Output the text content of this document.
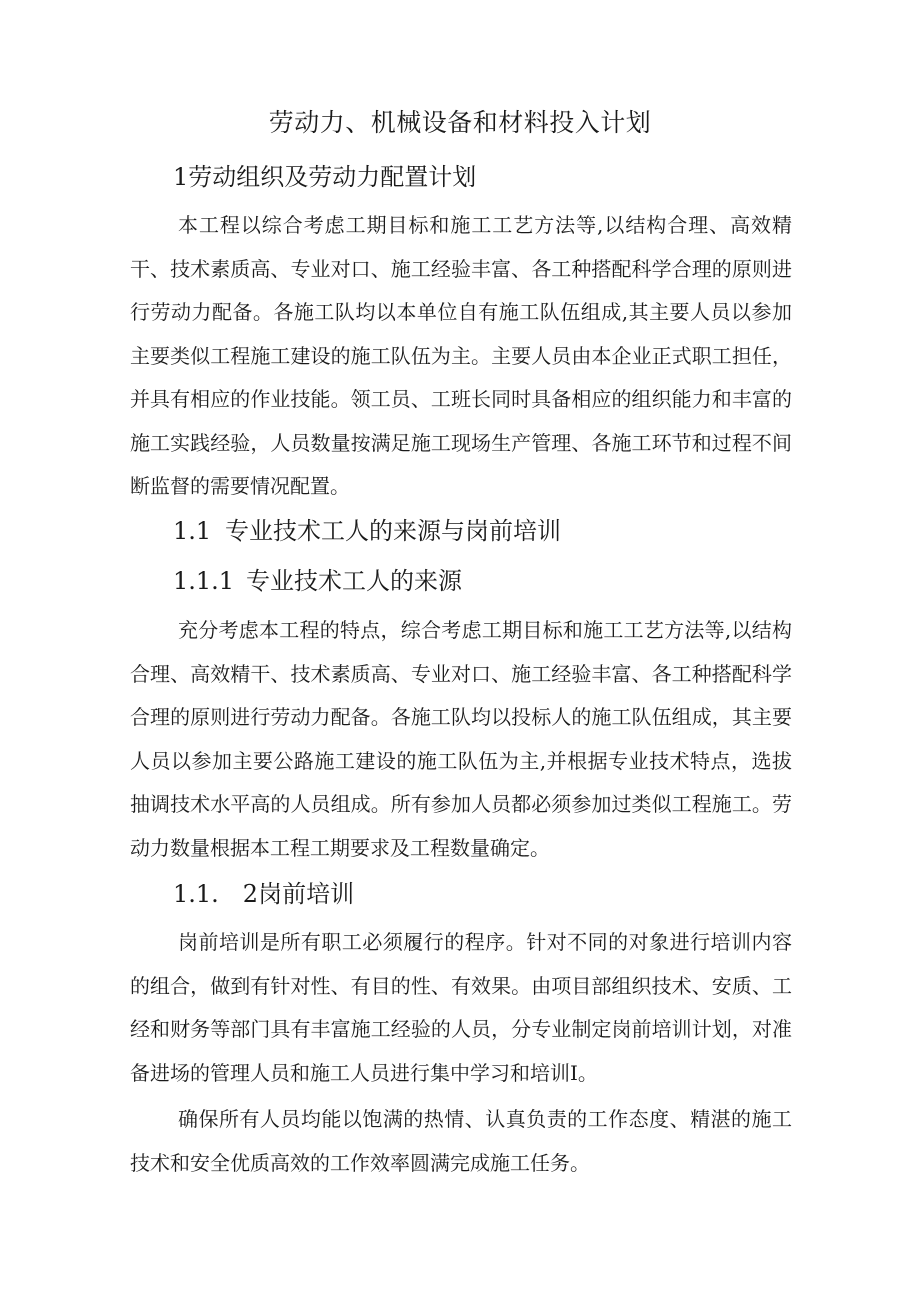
劳动力、机械设备和材料投入计划
1劳动组织及劳动力配置计划

本工程以综合考虑工期目标和施工工艺方法等,以结构合理、高效精干、技术素质高、专业对口、施工经验丰富、各工种搭配科学合理的原则进行劳动力配备。各施工队均以本单位自有施工队伍组成,其主要人员以参加主要类似工程施工建设的施工队伍为主。主要人员由本企业正式职工担任，并具有相应的作业技能。领工员、工班长同时具备相应的组织能力和丰富的施工实践经验，人员数量按满足施工现场生产管理、各施工环节和过程不间断监督的需要情况配置。

1.1 专业技术工人的来源与岗前培训
1.1.1 专业技术工人的来源

充分考虑本工程的特点，综合考虑工期目标和施工工艺方法等,以结构合理、高效精干、技术素质高、专业对口、施工经验丰富、各工种搭配科学合理的原则进行劳动力配备。各施工队均以投标人的施工队伍组成，其主要人员以参加主要公路施工建设的施工队伍为主,并根据专业技术特点，选拔抽调技术水平高的人员组成。所有参加人员都必须参加过类似工程施工。劳动力数量根据本工程工期要求及工程数量确定。

1.1.　2岗前培训

岗前培训是所有职工必须履行的程序。针对不同的对象进行培训内容的组合，做到有针对性、有目的性、有效果。由项目部组织技术、安质、工经和财务等部门具有丰富施工经验的人员，分专业制定岗前培训计划，对准备进场的管理人员和施工人员进行集中学习和培训Ⅰ。

确保所有人员均能以饱满的热情、认真负责的工作态度、精湛的施工技术和安全优质高效的工作效率圆满完成施工任务。
